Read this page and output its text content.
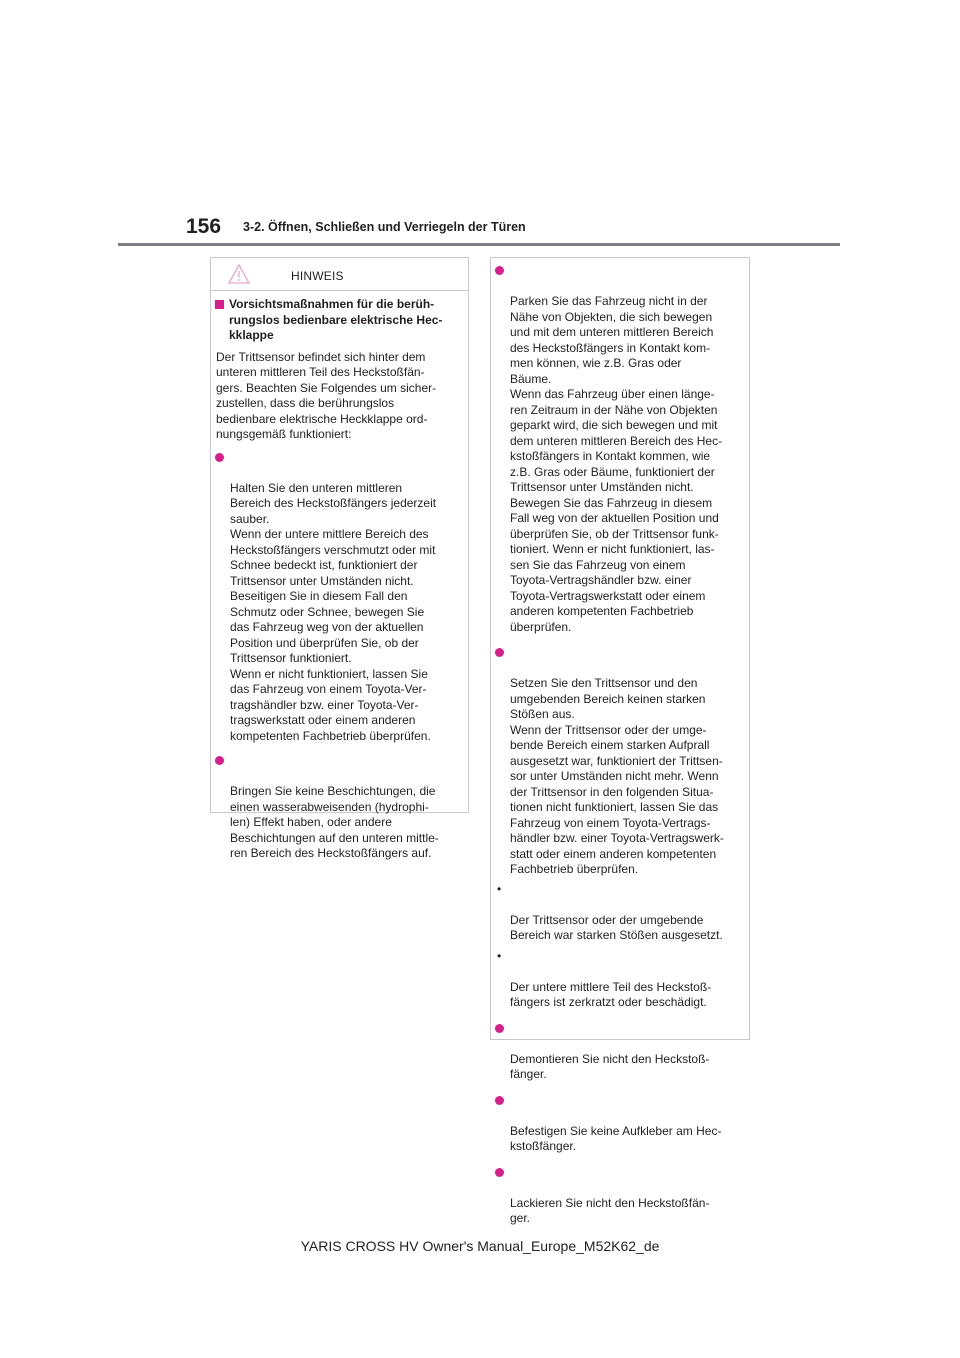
156 3-2. Öffnen, Schließen und Verriegeln der Türen
HINWEIS
Vorsichtsmaßnahmen für die berüh-
rungslos bedienbare elektrische Hec-
kklappe

Der Trittsensor befindet sich hinter dem
unteren mittleren Teil des Heckstoßfän-
gers. Beachten Sie Folgendes um sicher-
zustellen, dass die berührungslos
bedienbare elektrische Heckklappe ord-
nungsgemäß funktioniert:

Halten Sie den unteren mittleren
Bereich des Heckstoßfängers jederzeit
sauber.
Wenn der untere mittlere Bereich des
Heckstoßfängers verschmutzt oder mit
Schnee bedeckt ist, funktioniert der
Trittsensor unter Umständen nicht.
Beseitigen Sie in diesem Fall den
Schmutz oder Schnee, bewegen Sie
das Fahrzeug weg von der aktuellen
Position und überprüfen Sie, ob der
Trittsensor funktioniert.
Wenn er nicht funktioniert, lassen Sie
das Fahrzeug von einem Toyota-Ver-
tragshändler bzw. einer Toyota-Ver-
tragswerkstatt oder einem anderen
kompetenten Fachbetrieb überprüfen.

Bringen Sie keine Beschichtungen, die
einen wasserabweisenden (hydrophi-
len) Effekt haben, oder andere
Beschichtungen auf den unteren mittle-
ren Bereich des Heckstoßfängers auf.

Parken Sie das Fahrzeug nicht in der
Nähe von Objekten, die sich bewegen
und mit dem unteren mittleren Bereich
des Heckstoßfängers in Kontakt kom-
men können, wie z.B. Gras oder
Bäume.
Wenn das Fahrzeug über einen länge-
ren Zeitraum in der Nähe von Objekten
geparkt wird, die sich bewegen und mit
dem unteren mittleren Bereich des Hec-
kstoßfängers in Kontakt kommen, wie
z.B. Gras oder Bäume, funktioniert der
Trittsensor unter Umständen nicht.
Bewegen Sie das Fahrzeug in diesem
Fall weg von der aktuellen Position und
überprüfen Sie, ob der Trittsensor funk-
tioniert. Wenn er nicht funktioniert, las-
sen Sie das Fahrzeug von einem
Toyota-Vertragshändler bzw. einer
Toyota-Vertragswerkstatt oder einem
anderen kompetenten Fachbetrieb
überprüfen.

Setzen Sie den Trittsensor und den
umgebenden Bereich keinen starken
Stößen aus.
Wenn der Trittsensor oder der umge-
bende Bereich einem starken Aufprall
ausgesetzt war, funktioniert der Trittsen-
sor unter Umständen nicht mehr. Wenn
der Trittsensor in den folgenden Situa-
tionen nicht funktioniert, lassen Sie das
Fahrzeug von einem Toyota-Vertrags-
händler bzw. einer Toyota-Vertragswerk-
statt oder einem anderen kompetenten
Fachbetrieb überprüfen.

•

Der Trittsensor oder der umgebende
Bereich war starken Stößen ausgesetzt.

•

Der untere mittlere Teil des Heckstoß-
fängers ist zerkratzt oder beschädigt.

Demontieren Sie nicht den Heckstoß-
fänger.

Befestigen Sie keine Aufkleber am Hec-
kstoßfänger.

Lackieren Sie nicht den Heckstoßfän-
ger.

YARIS CROSS HV Owner's Manual_Europe_M52K62_de
